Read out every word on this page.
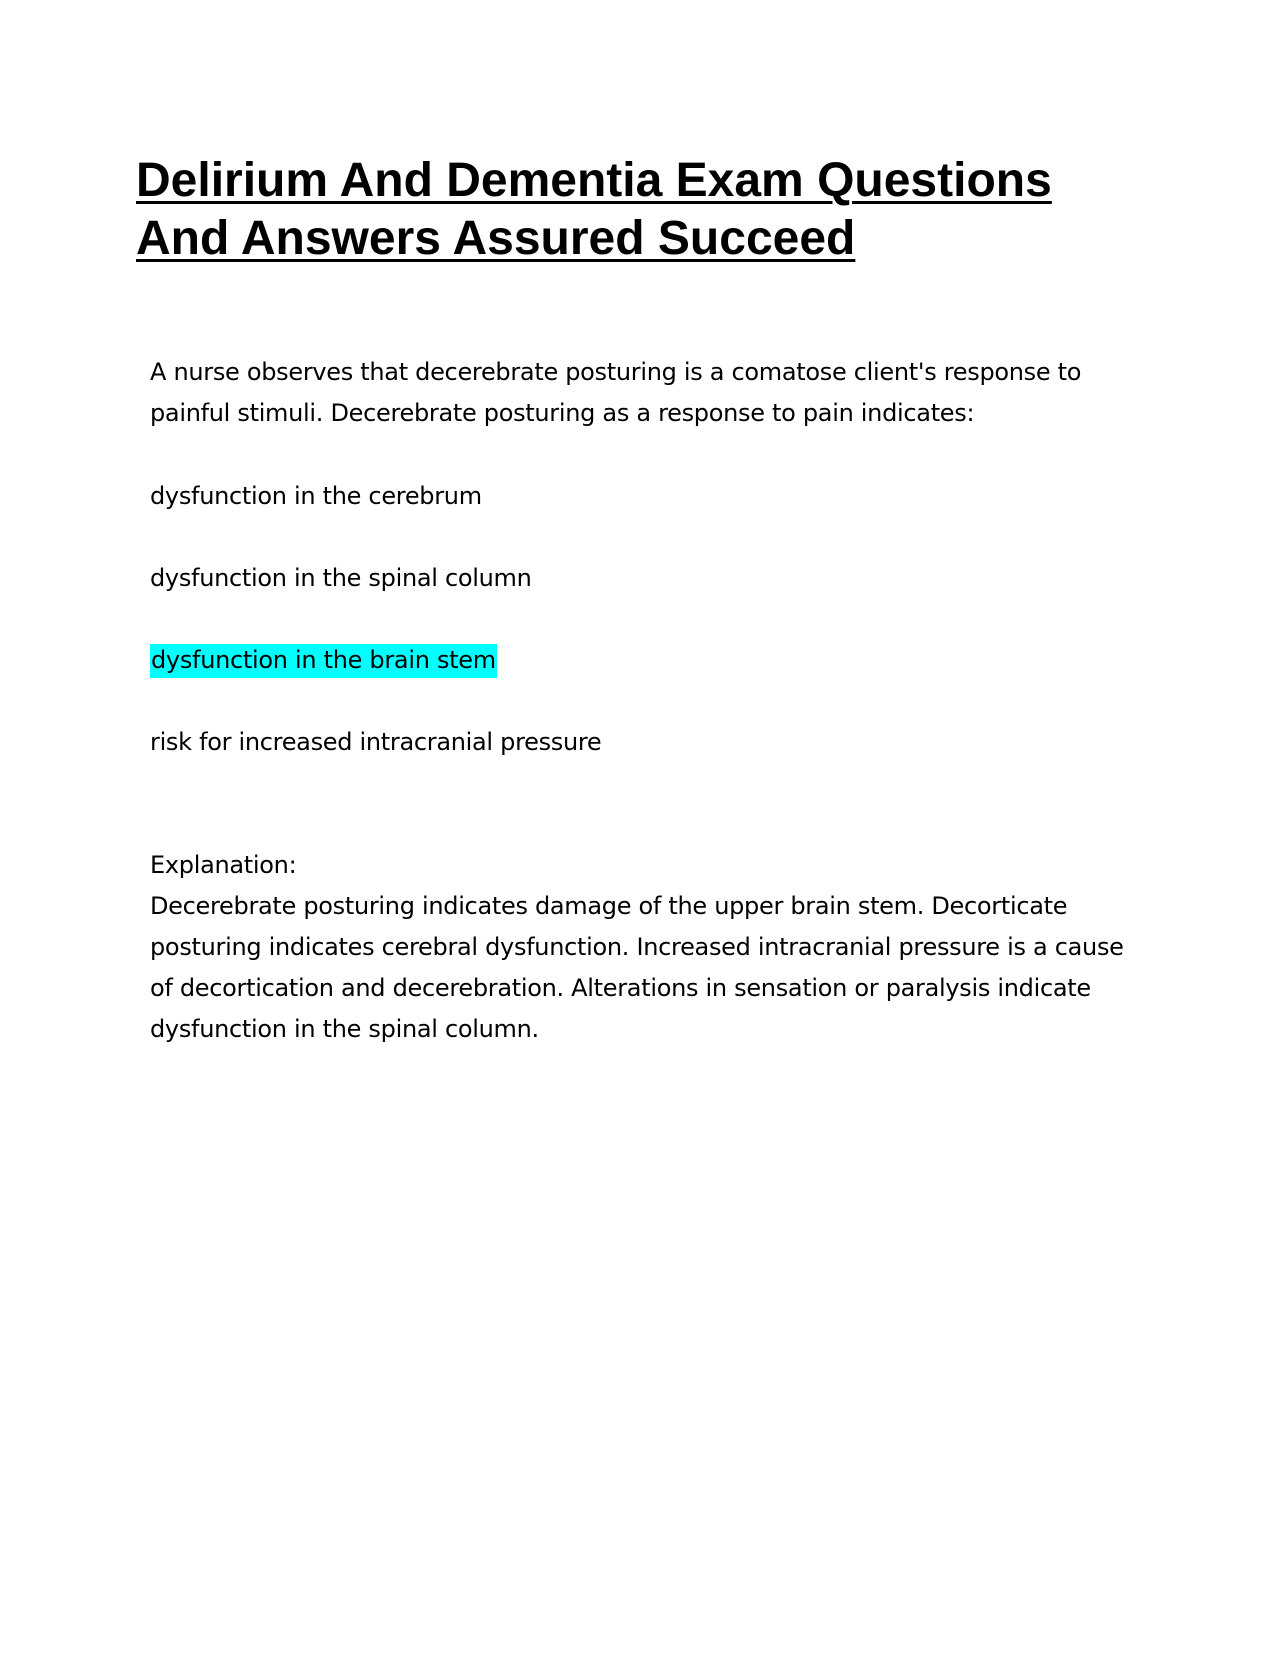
Delirium And Dementia Exam Questions And Answers Assured Succeed

A nurse observes that decerebrate posturing is a comatose client's response to painful stimuli. Decerebrate posturing as a response to pain indicates:

dysfunction in the cerebrum

dysfunction in the spinal column

dysfunction in the brain stem

risk for increased intracranial pressure

Explanation:

Decerebrate posturing indicates damage of the upper brain stem. Decorticate posturing indicates cerebral dysfunction. Increased intracranial pressure is a cause of decortication and decerebration. Alterations in sensation or paralysis indicate dysfunction in the spinal column.
